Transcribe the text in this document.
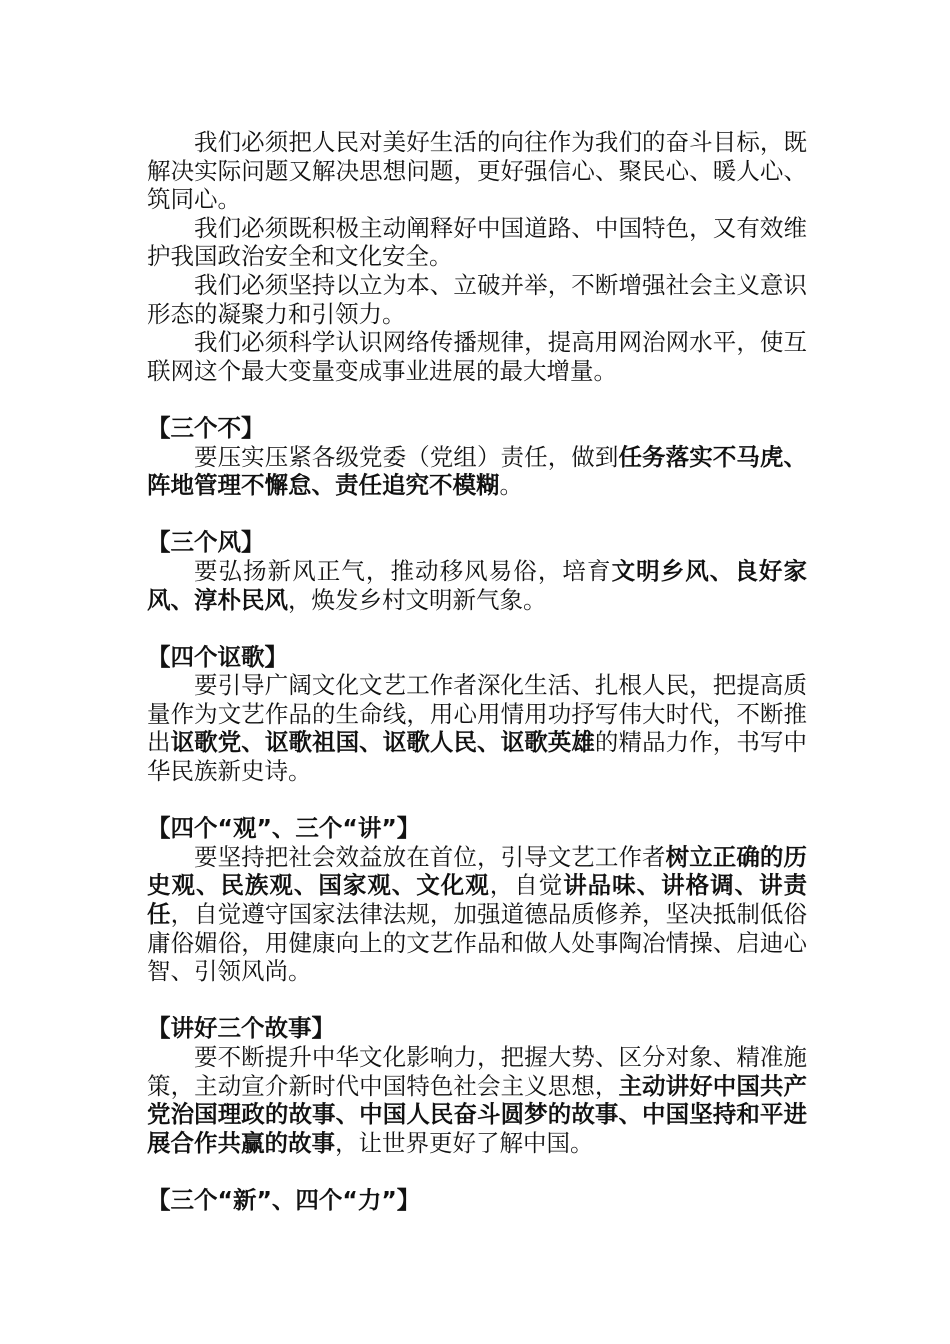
我们必须把人民对美好生活的向往作为我们的奋斗目标，既解决实际问题又解决思想问题，更好强信心、聚民心、暖人心、筑同心。

我们必须既积极主动阐释好中国道路、中国特色，又有效维护我国政治安全和文化安全。

我们必须坚持以立为本、立破并举，不断增强社会主义意识形态的凝聚力和引领力。

我们必须科学认识网络传播规律，提高用网治网水平，使互联网这个最大变量变成事业进展的最大增量。

【三个不】

要压实压紧各级党委（党组）责任，做到任务落实不马虎、阵地管理不懈怠、责任追究不模糊。

【三个风】

要弘扬新风正气，推动移风易俗，培育文明乡风、良好家风、淳朴民风，焕发乡村文明新气象。

【四个讴歌】

要引导广阔文化文艺工作者深化生活、扎根人民，把提高质量作为文艺作品的生命线，用心用情用功抒写伟大时代，不断推出讴歌党、讴歌祖国、讴歌人民、讴歌英雄的精品力作，书写中华民族新史诗。

【四个“观”、三个“讲”】

要坚持把社会效益放在首位，引导文艺工作者树立正确的历史观、民族观、国家观、文化观，自觉讲品味、讲格调、讲责任，自觉遵守国家法律法规，加强道德品质修养，坚决抵制低俗庸俗媚俗，用健康向上的文艺作品和做人处事陶冶情操、启迪心智、引领风尚。

【讲好三个故事】

要不断提升中华文化影响力，把握大势、区分对象、精准施策，主动宣介新时代中国特色社会主义思想，主动讲好中国共产党治国理政的故事、中国人民奋斗圆梦的故事、中国坚持和平进展合作共赢的故事，让世界更好了解中国。

【三个“新”、四个“力”】
